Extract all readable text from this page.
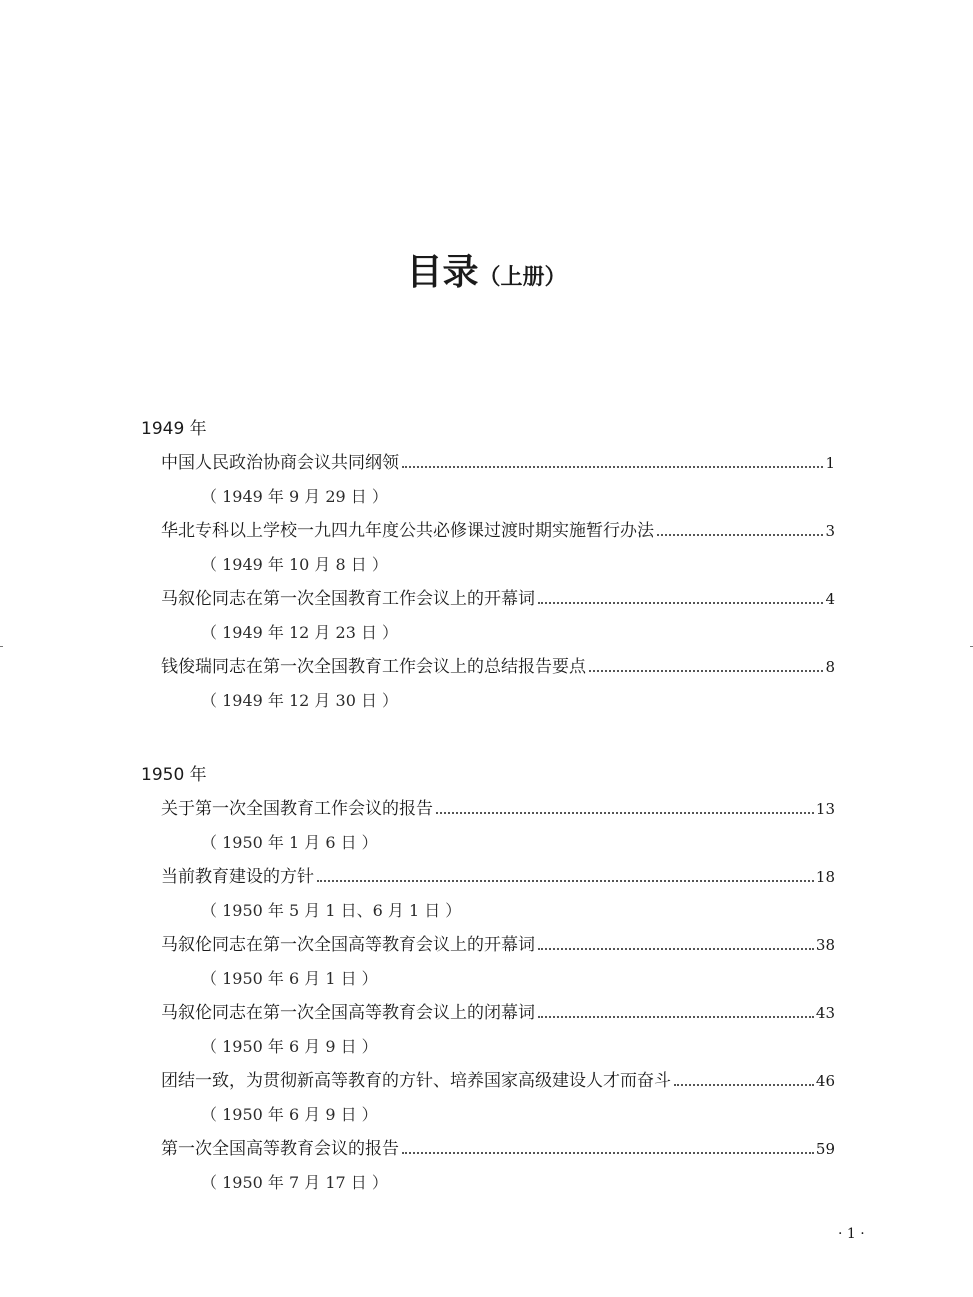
目录（上册）
1949 年
中国人民政治协商会议共同纲领	1
（ 1949 年 9 月 29 日 ）
华北专科以上学校一九四九年度公共必修课过渡时期实施暂行办法	3
（ 1949 年 10 月 8 日 ）
马叙伦同志在第一次全国教育工作会议上的开幕词	4
（ 1949 年 12 月 23 日 ）
钱俊瑞同志在第一次全国教育工作会议上的总结报告要点	8
（ 1949 年 12 月 30 日 ）
1950 年
关于第一次全国教育工作会议的报告	13
（ 1950 年 1 月 6 日 ）
当前教育建设的方针	18
（ 1950 年 5 月 1 日、6 月 1 日 ）
马叙伦同志在第一次全国高等教育会议上的开幕词	38
（ 1950 年 6 月 1 日 ）
马叙伦同志在第一次全国高等教育会议上的闭幕词	43
（ 1950 年 6 月 9 日 ）
团结一致，为贯彻新高等教育的方针、培养国家高级建设人才而奋斗	46
（ 1950 年 6 月 9 日 ）
第一次全国高等教育会议的报告	59
（ 1950 年 7 月 17 日 ）
· 1 ·
